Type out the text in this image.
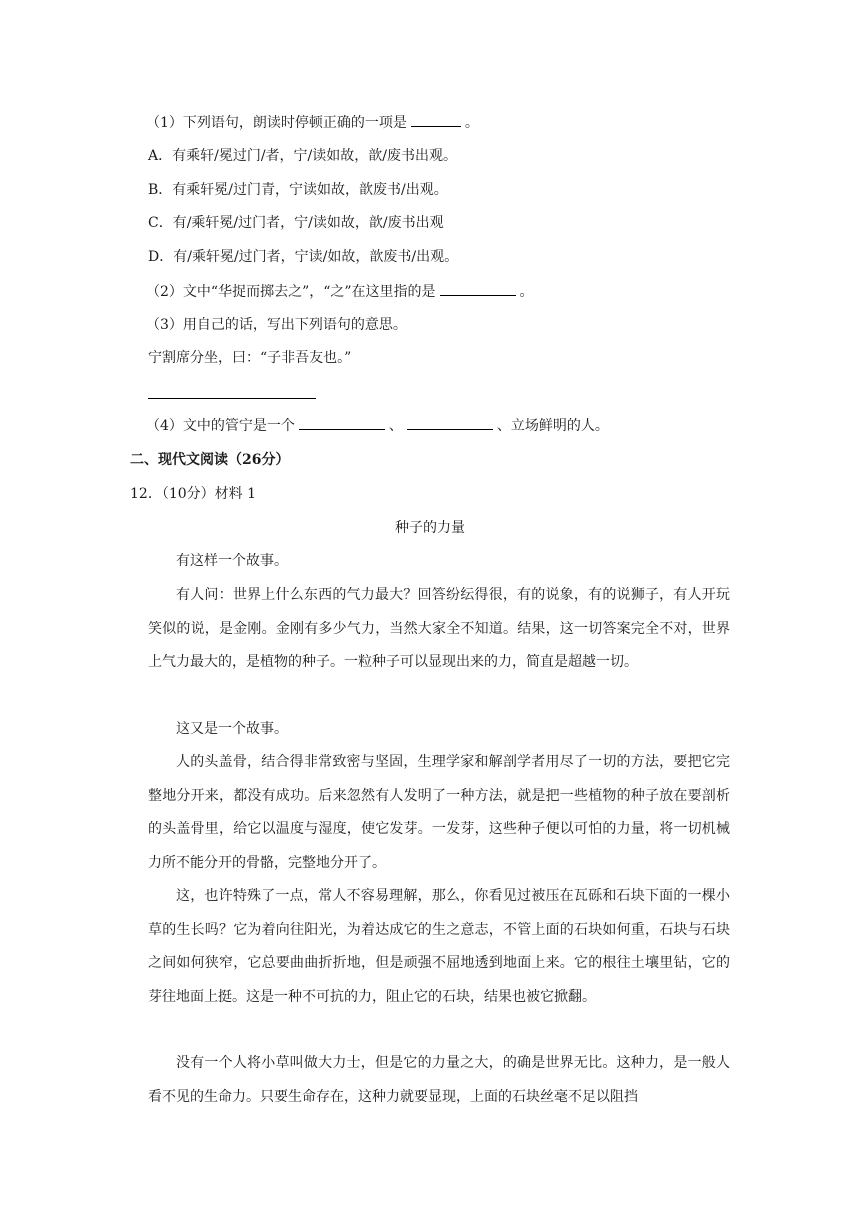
（1）下列语句，朗读时停顿正确的一项是	。
A．有乘轩/冕过门/者，宁/读如故，歆/废书出观。
B．有乘轩冕/过门青，宁读如故，歆废书/出观。
C．有/乘轩冕/过门者，宁/读如故，歆/废书出观
D．有/乘轩冕/过门者，宁读/如故，歆废书/出观。
（2）文中“华捉而掷去之”，“之”在这里指的是	。
（3）用自己的话，写出下列语句的意思。
宁割席分坐，曰：“子非吾友也。”
（4）文中的管宁是一个	、	、立场鲜明的人。
二、现代文阅读（26分）
12．（10分）材料 1
种子的力量
有这样一个故事。
有人问：世界上什么东西的气力最大？回答纷纭得很，有的说象，有的说狮子，有人开玩笑似的说，是金刚。金刚有多少气力，当然大家全不知道。结果，这一切答案完全不对，世界上气力最大的，是植物的种子。一粒种子可以显现出来的力，简直是超越一切。
这又是一个故事。
人的头盖骨，结合得非常致密与坚固，生理学家和解剖学者用尽了一切的方法，要把它完整地分开来，都没有成功。后来忽然有人发明了一种方法，就是把一些植物的种子放在要剖析的头盖骨里，给它以温度与湿度，使它发芽。一发芽，这些种子便以可怕的力量，将一切机械力所不能分开的骨骼，完整地分开了。
这，也许特殊了一点，常人不容易理解，那么，你看见过被压在瓦砾和石块下面的一棵小草的生长吗？它为着向往阳光，为着达成它的生之意志，不管上面的石块如何重，石块与石块之间如何狭窄，它总要曲曲折折地，但是顽强不屈地透到地面上来。它的根往土壤里钻，它的芽往地面上挺。这是一种不可抗的力，阻止它的石块，结果也被它掀翻。
没有一个人将小草叫做大力士，但是它的力量之大，的确是世界无比。这种力，是一般人看不见的生命力。只要生命存在，这种力就要显现，上面的石块丝毫不足以阻挡
